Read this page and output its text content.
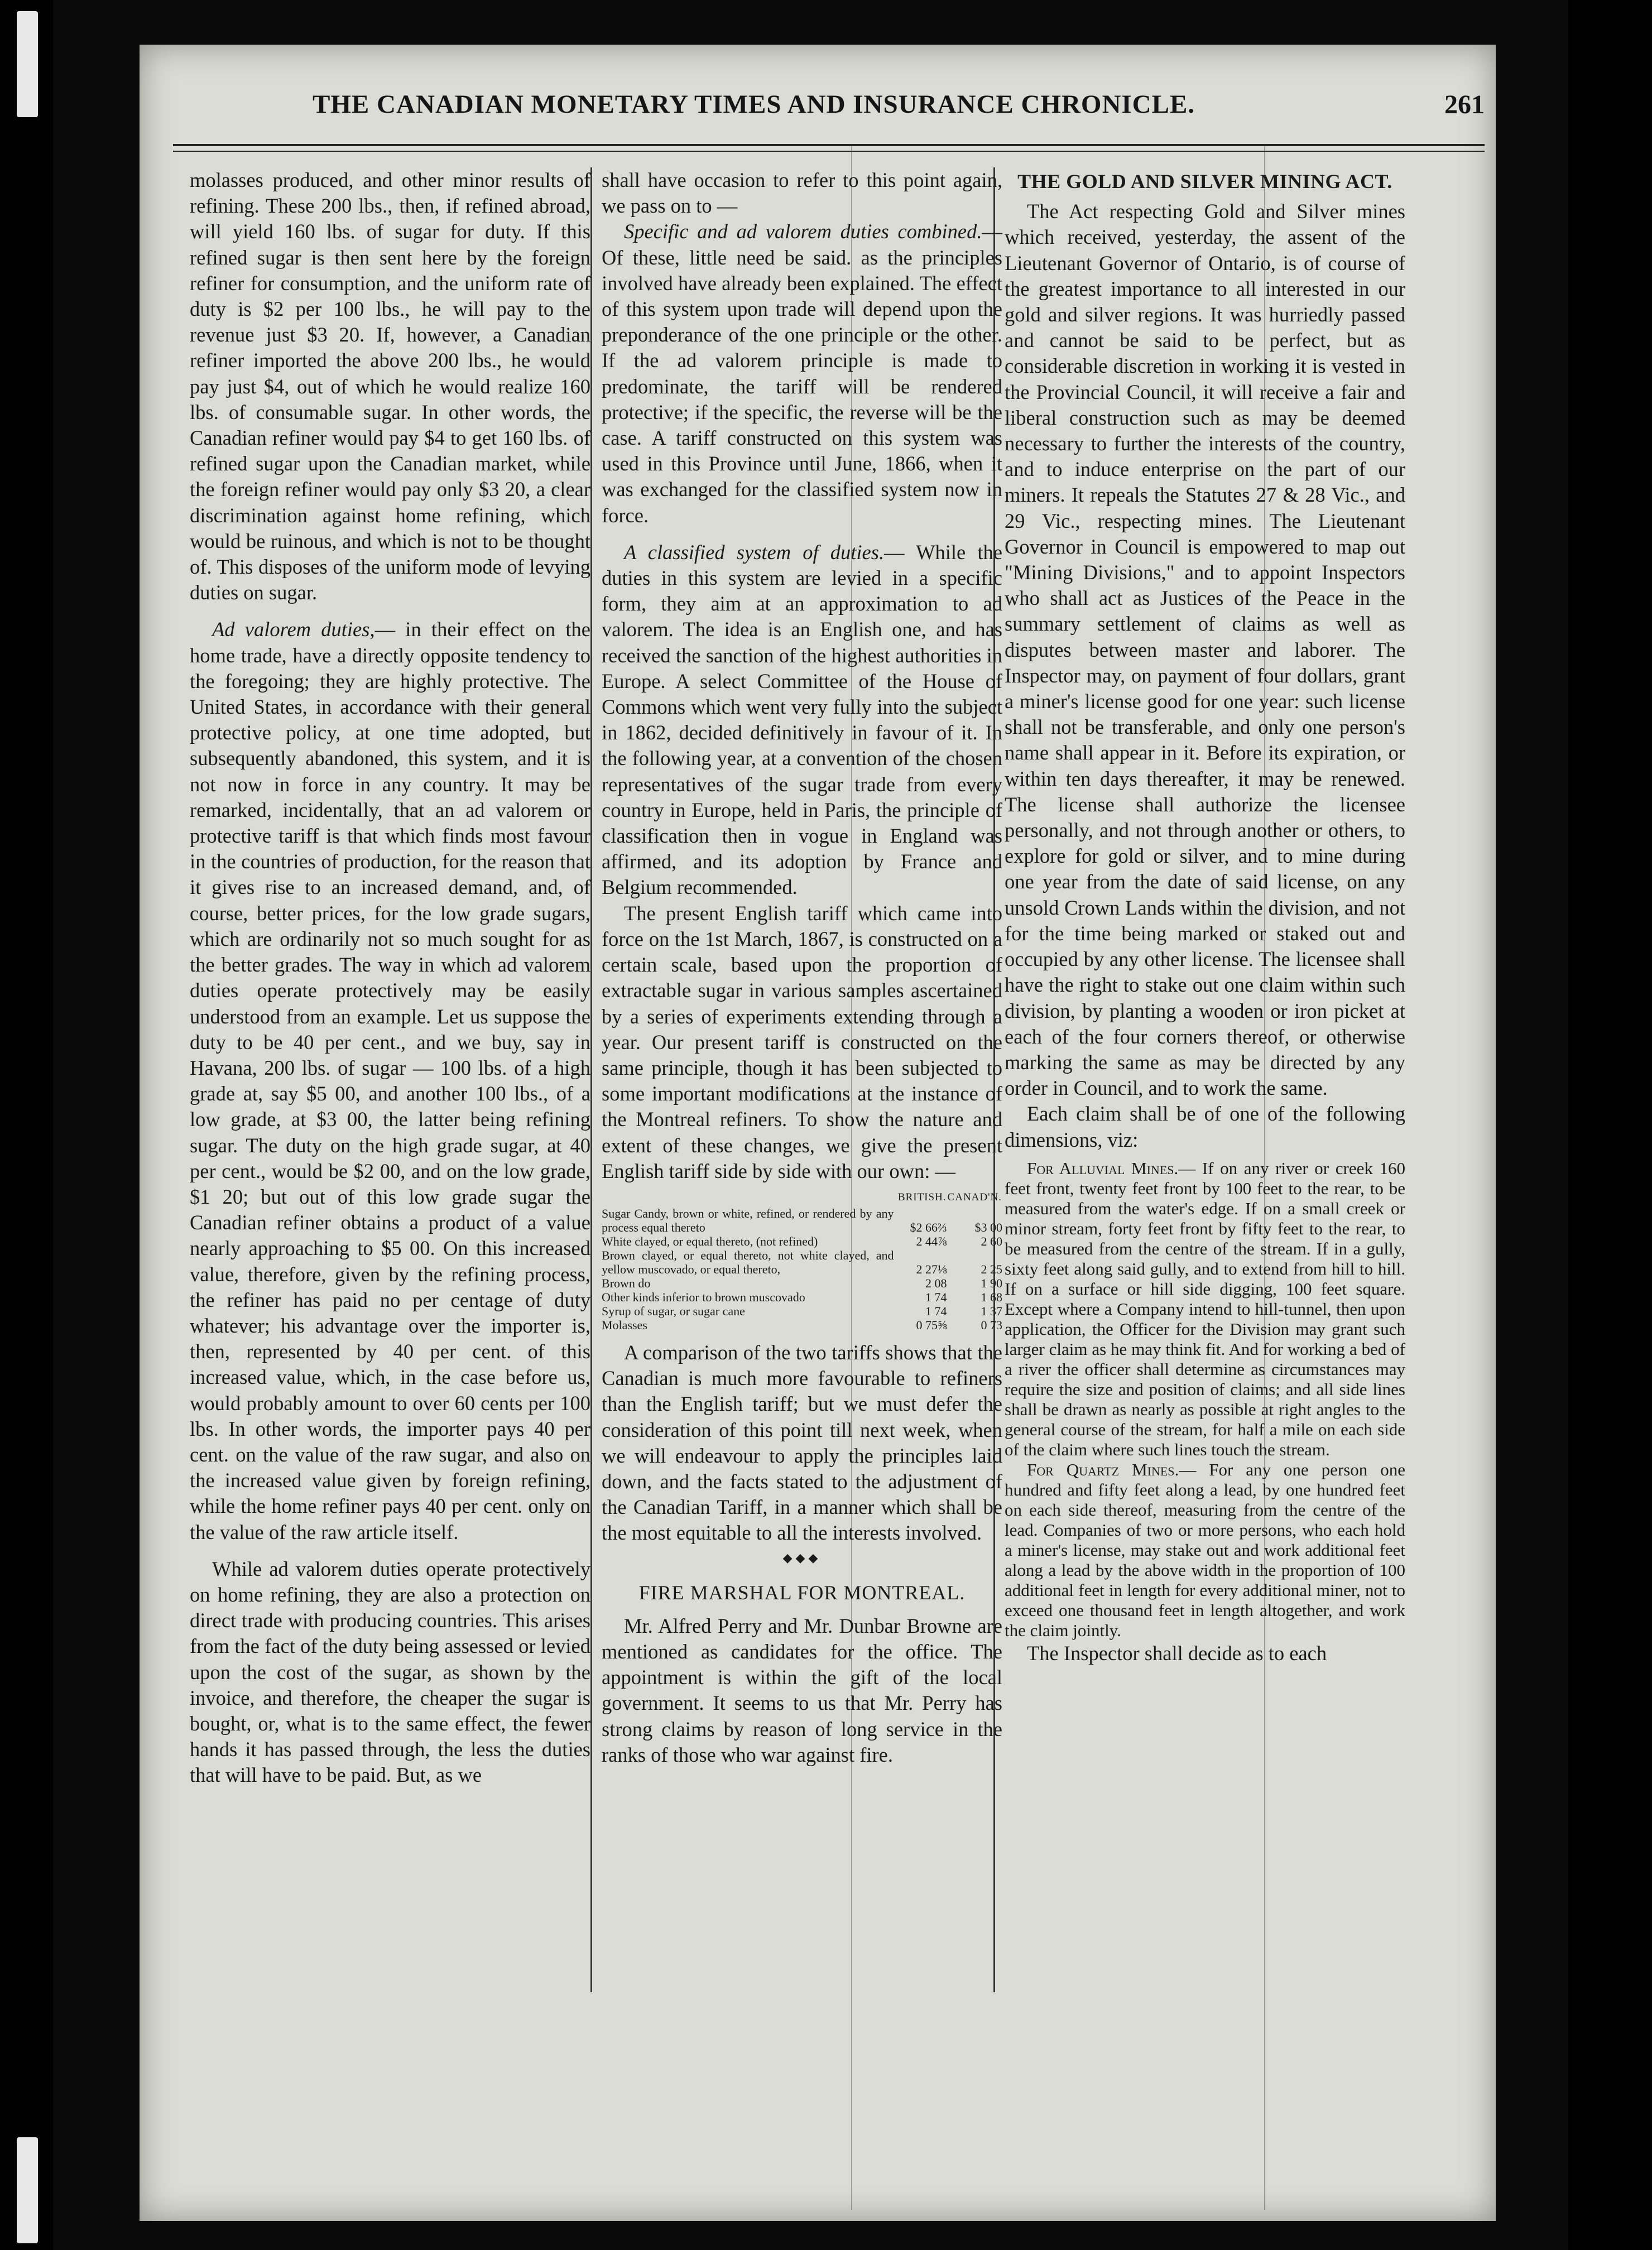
THE CANADIAN MONETARY TIMES AND INSURANCE CHRONICLE.	261

molasses produced, and other minor results of refining. These 200 lbs., then, if refined abroad, will yield 160 lbs. of sugar for duty. If this refined sugar is then sent here by the foreign refiner for consumption, and the uniform rate of duty is $2 per 100 lbs., he will pay to the revenue just $3 20. If, however, a Canadian refiner imported the above 200 lbs., he would pay just $4, out of which he would realize 160 lbs. of consumable sugar. In other words, the Canadian refiner would pay $4 to get 160 lbs. of refined sugar upon the Canadian market, while the foreign refiner would pay only $3 20, a clear discrimination against home refining, which would be ruinous, and which is not to be thought of. This disposes of the uniform mode of levying duties on sugar.

Ad valorem duties,— in their effect on the home trade, have a directly opposite tendency to the foregoing; they are highly protective. The United States, in accordance with their general protective policy, at one time adopted, but subsequently abandoned, this system, and it is not now in force in any country. It may be remarked, incidentally, that an ad valorem or protective tariff is that which finds most favour in the countries of production, for the reason that it gives rise to an increased demand, and, of course, better prices, for the low grade sugars, which are ordinarily not so much sought for as the better grades. The way in which ad valorem duties operate protectively may be easily understood from an example. Let us suppose the duty to be 40 per cent., and we buy, say in Havana, 200 lbs. of sugar — 100 lbs. of a high grade at, say $5 00, and another 100 lbs., of a low grade, at $3 00, the latter being refining sugar. The duty on the high grade sugar, at 40 per cent., would be $2 00, and on the low grade, $1 20; but out of this low grade sugar the Canadian refiner obtains a product of a value nearly approaching to $5 00. On this increased value, therefore, given by the refining process, the refiner has paid no per centage of duty whatever; his advantage over the importer is, then, represented by 40 per cent. of this increased value, which, in the case before us, would probably amount to over 60 cents per 100 lbs. In other words, the importer pays 40 per cent. on the value of the raw sugar, and also on the increased value given by foreign refining, while the home refiner pays 40 per cent. only on the value of the raw article itself.

While ad valorem duties operate protectively on home refining, they are also a protection on direct trade with producing countries. This arises from the fact of the duty being assessed or levied upon the cost of the sugar, as shown by the invoice, and therefore, the cheaper the sugar is bought, or, what is to the same effect, the fewer hands it has passed through, the less the duties that will have to be paid. But, as we

shall have occasion to refer to this point again, we pass on to —

Specific and ad valorem duties combined.— Of these, little need be said. as the principles involved have already been explained. The effect of this system upon trade will depend upon the preponderance of the one principle or the other. If the ad valorem principle is made to predominate, the tariff will be rendered protective; if the specific, the reverse will be the case. A tariff constructed on this system was used in this Province until June, 1866, when it was exchanged for the classified system now in force.

A classified system of duties.— While the duties in this system are levied in a specific form, they aim at an approximation to ad valorem. The idea is an English one, and has received the sanction of the highest authorities in Europe. A select Committee of the House of Commons which went very fully into the subject in 1862, decided definitively in favour of it. In the following year, at a convention of the chosen representatives of the sugar trade from every country in Europe, held in Paris, the principle of classification then in vogue in England was affirmed, and its adoption by France and Belgium recommended.

The present English tariff which came into force on the 1st March, 1867, is constructed on a certain scale, based upon the proportion of extractable sugar in various samples ascertained by a series of experiments extending through a year. Our present tariff is constructed on the same principle, though it has been subjected to some important modifications at the instance of the Montreal refiners. To show the nature and extent of these changes, we give the present English tariff side by side with our own: —

	BRITISH.	CANAD'N.
Sugar Candy, brown or white, refined, or rendered by any process equal thereto	$2 66⅔	$3 00
White clayed, or equal thereto, (not refined)	2 44⅞	2 60
Brown clayed, or equal thereto, not white clayed, and yellow muscovado, or equal thereto,	2 27⅛	2 25
Brown do	2 08	1 90
Other kinds inferior to brown muscovado	1 74	1 68
Syrup of sugar, or sugar cane	1 74	1 37
Molasses	0 75⅝	0 73

A comparison of the two tariffs shows that the Canadian is much more favourable to refiners than the English tariff; but we must defer the consideration of this point till next week, when we will endeavour to apply the principles laid down, and the facts stated to the adjustment of the Canadian Tariff, in a manner which shall be the most equitable to all the interests involved.

◆◆◆
FIRE MARSHAL FOR MONTREAL.

Mr. Alfred Perry and Mr. Dunbar Browne are mentioned as candidates for the office. The appointment is within the gift of the local government. It seems to us that Mr. Perry has strong claims by reason of long service in the ranks of those who war against fire.

THE GOLD AND SILVER MINING ACT.

The Act respecting Gold and Silver mines which received, yesterday, the assent of the Lieutenant Governor of Ontario, is of course of the greatest importance to all interested in our gold and silver regions. It was hurriedly passed and cannot be said to be perfect, but as considerable discretion in working it is vested in the Provincial Council, it will receive a fair and liberal construction such as may be deemed necessary to further the interests of the country, and to induce enterprise on the part of our miners. It repeals the Statutes 27 & 28 Vic., and 29 Vic., respecting mines. The Lieutenant Governor in Council is empowered to map out "Mining Divisions," and to appoint Inspectors who shall act as Justices of the Peace in the summary settlement of claims as well as disputes between master and laborer. The Inspector may, on payment of four dollars, grant a miner's license good for one year: such license shall not be transferable, and only one person's name shall appear in it. Before its expiration, or within ten days thereafter, it may be renewed. The license shall authorize the licensee personally, and not through another or others, to explore for gold or silver, and to mine during one year from the date of said license, on any unsold Crown Lands within the division, and not for the time being marked or staked out and occupied by any other license. The licensee shall have the right to stake out one claim within such division, by planting a wooden or iron picket at each of the four corners thereof, or otherwise marking the same as may be directed by any order in Council, and to work the same.

Each claim shall be of one of the following dimensions, viz:

For Alluvial Mines.— If on any river or creek 160 feet front, twenty feet front by 100 feet to the rear, to be measured from the water's edge. If on a small creek or minor stream, forty feet front by fifty feet to the rear, to be measured from the centre of the stream. If in a gully, sixty feet along said gully, and to extend from hill to hill. If on a surface or hill side digging, 100 feet square. Except where a Company intend to hill-tunnel, then upon application, the Officer for the Division may grant such larger claim as he may think fit. And for working a bed of a river the officer shall determine as circumstances may require the size and position of claims; and all side lines shall be drawn as nearly as possible at right angles to the general course of the stream, for half a mile on each side of the claim where such lines touch the stream.

For Quartz Mines.— For any one person one hundred and fifty feet along a lead, by one hundred feet on each side thereof, measuring from the centre of the lead. Companies of two or more persons, who each hold a miner's license, may stake out and work additional feet along a lead by the above width in the proportion of 100 additional feet in length for every additional miner, not to exceed one thousand feet in length altogether, and work the claim jointly.

The Inspector shall decide as to each
